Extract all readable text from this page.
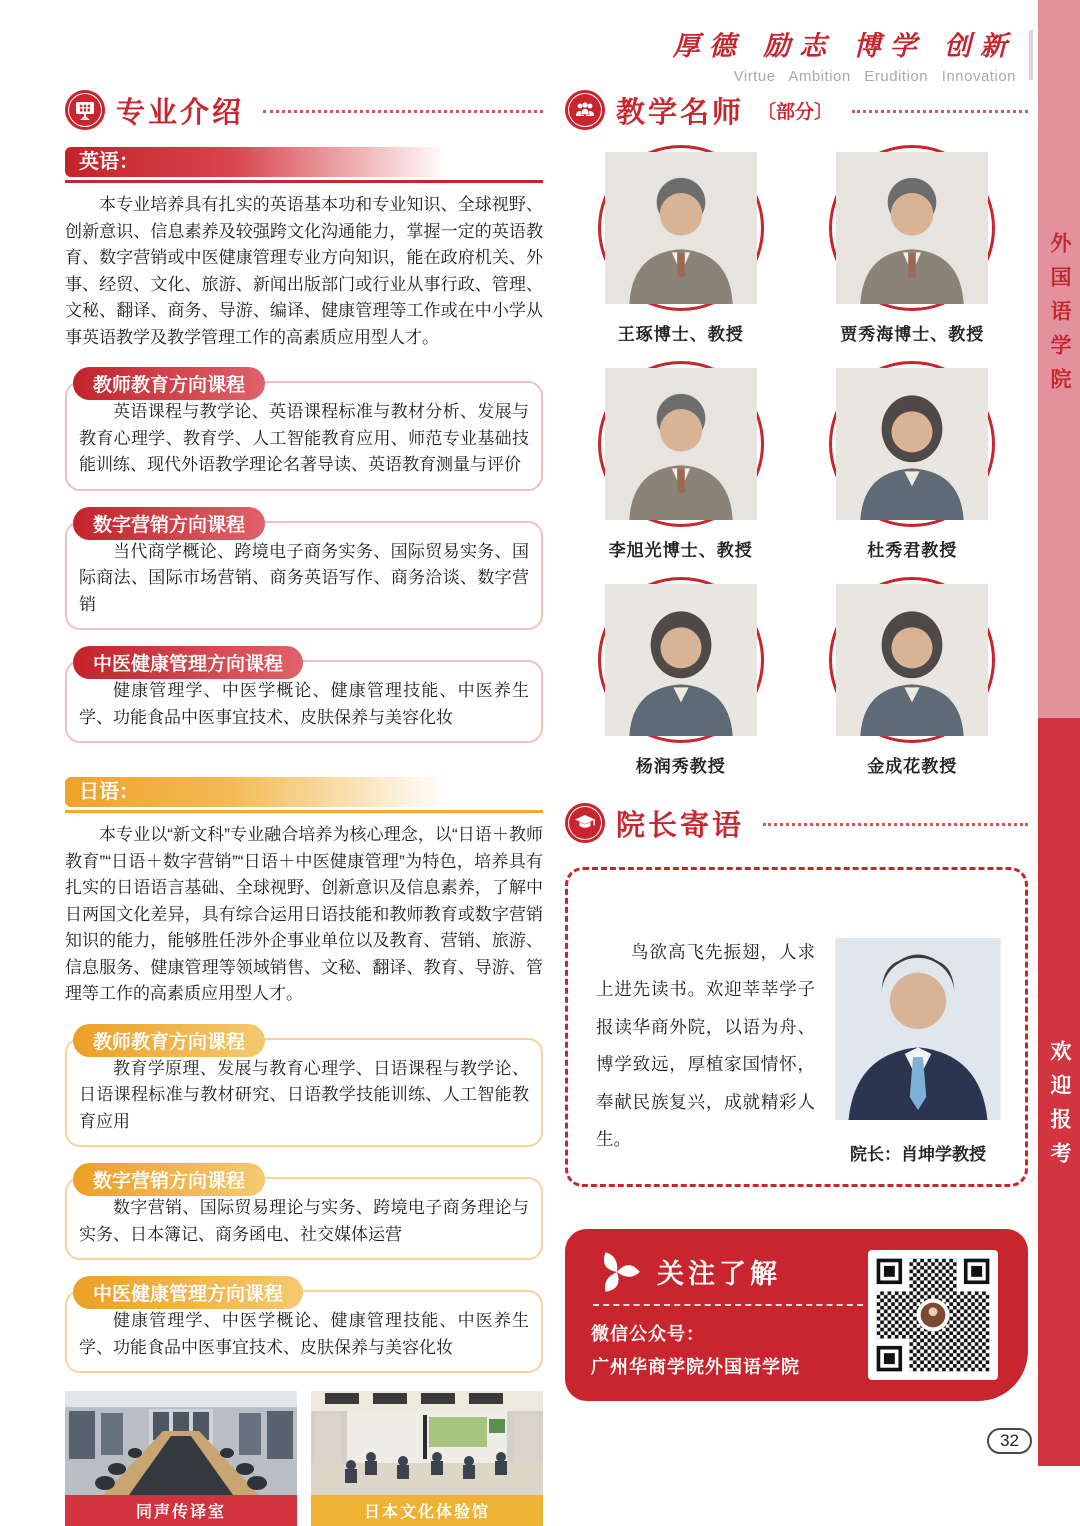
厚德 励志 博学 创新
Virtue Ambition Erudition Innovation
外国语学院
欢迎报考
专业介绍
英语：

本专业培养具有扎实的英语基本功和专业知识、全球视野、创新意识、信息素养及较强跨文化沟通能力，掌握一定的英语教育、数字营销或中医健康管理专业方向知识，能在政府机关、外事、经贸、文化、旅游、新闻出版部门或行业从事行政、管理、文秘、翻译、商务、导游、编译、健康管理等工作或在中小学从事英语教学及教学管理工作的高素质应用型人才。

教师教育方向课程
英语课程与教学论、英语课程标准与教材分析、发展与教育心理学、教育学、人工智能教育应用、师范专业基础技能训练、现代外语教学理论名著导读、英语教育测量与评价
数字营销方向课程
当代商学概论、跨境电子商务实务、国际贸易实务、国际商法、国际市场营销、商务英语写作、商务洽谈、数字营销
中医健康管理方向课程
健康管理学、中医学概论、健康管理技能、中医养生学、功能食品中医事宜技术、皮肤保养与美容化妆
日语：

本专业以“新文科”专业融合培养为核心理念，以“日语＋教师教育”“日语＋数字营销”“日语＋中医健康管理”为特色，培养具有扎实的日语语言基础、全球视野、创新意识及信息素养，了解中日两国文化差异，具有综合运用日语技能和教师教育或数字营销知识的能力，能够胜任涉外企事业单位以及教育、营销、旅游、信息服务、健康管理等领域销售、文秘、翻译、教育、导游、管理等工作的高素质应用型人才。

教师教育方向课程
教育学原理、发展与教育心理学、日语课程与教学论、日语课程标准与教材研究、日语教学技能训练、人工智能教育应用
数字营销方向课程
数字营销、国际贸易理论与实务、跨境电子商务理论与实务、日本簿记、商务函电、社交媒体运营
中医健康管理方向课程
健康管理学、中医学概论、健康管理技能、中医养生学、功能食品中医事宜技术、皮肤保养与美容化妆
同声传译室	日本文化体验馆
教学名师 〔部分〕
王琢博士、教授	贾秀海博士、教授
李旭光博士、教授	杜秀君教授
杨润秀教授	金成花教授
院长寄语
鸟欲高飞先振翅，人求上进先读书。欢迎莘莘学子报读华商外院，以语为舟、博学致远，厚植家国情怀，奉献民族复兴，成就精彩人生。
院长：肖坤学教授
关注了解
微信公众号：
广州华商学院外国语学院
32
